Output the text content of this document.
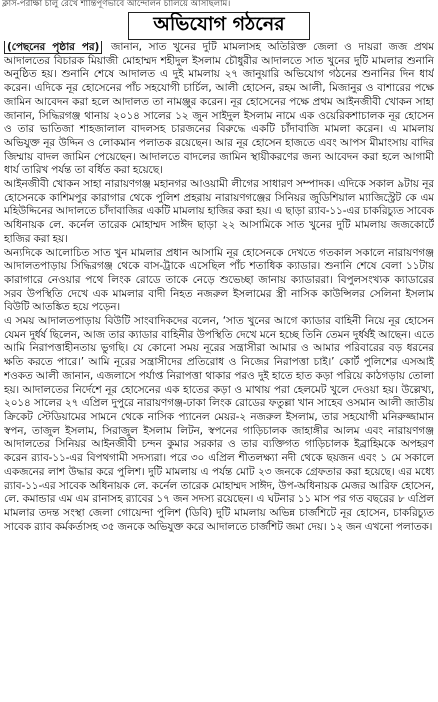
ক্লাস-পরীক্ষা চালু রেখে শান্তিপূর্ণভাবে আন্দোলন চালিয়ে আসছিলাম।
অভিযোগ গঠনের

(পেছনের পৃষ্ঠার পর) জানান, সাত খুনের দুটি মামলাসহ অতিরিক্ত জেলা ও দায়রা জজ প্রথম আদালতের বিচারক মিয়াজী মোহাম্মদ শহীদুল ইসলাম চৌধুরীর আদালতে সাত খুনের দুটি মামলার শুনানি অনুষ্ঠিত হয়। শুনানি শেষে আদালত এ দুই মামলায় ২৭ জানুয়ারি অভিযোগ গঠনের শুনানির দিন ধার্য করেন। এদিকে নূর হোসেনের পাঁচ সহযোগী চার্চিল, আলী হোসেন, রহম আলী, মিজানুর ও বাশারের পক্ষে জামিন আবেদন করা হলে আদালত তা নামঞ্জুর করেন। নূর হোসেনের পক্ষে প্রথম আইনজীবী খোকন সাহা জানান, সিদ্ধিরগঞ্জ থানায় ২০১৪ সালের ১২ জুন সাইদুল ইসলাম নামে এক ওয়েরিকশাচালক নূর হোসেন ও তার ভাতিজা শাহজালাল বাদলসহ চারজনের বিরুদ্ধে একটি চাঁদাবাজি মামলা করেন। এ মামলায় অভিযুক্ত নূর উদ্দিন ও লোকমান পলাতক রয়েছেন। আর নূর হোসেন হাজতে এবং আপস মীমাংসায় বাদির জিম্মায় বাদল জামিন পেয়েছেন। আদালতে বাদলের জামিন স্থায়ীকরণের জন্য আবেদন করা হলে আগামী ধার্য তারিখ পর্যন্ত তা বর্ধিত করা হয়েছে।

আইনজীবী খোকন সাহা নারায়ণগঞ্জ মহানগর আওয়ামী লীগের সাধারণ সম্পাদক। এদিকে সকাল ৯টায় নূর হোসেনকে কাশিমপুর কারাগার থেকে পুলিশ প্রহরায় নারায়ণগঞ্জের সিনিয়র জুডিশিয়াল ম্যাজিস্ট্রেট কে এম মহিউদ্দিনের আদালতে চাঁদাবাজির একটি মামলায় হাজির করা হয়। এ ছাড়া র‌্যাব-১১-এর চাকরিচ্যুত সাবেক অধিনায়ক লে. কর্নেল তারেক মোহাম্মদ সাঈদ ছাড়া ২২ আসামিকে সাত খুনের দুটি মামলায় জজকোর্টে হাজির করা হয়।

অন্যদিকে আলোচিত সাত খুন মামলার প্রধান আসামি নূর হোসেনকে দেখতে গতকাল সকালে নারায়ণগঞ্জ আদালতপাড়ায় সিদ্ধিরগঞ্জ থেকে বাস-ট্রাকে এসেছিল পাঁচ শতাধিক ক্যাডার। শুনানি শেষে বেলা ১১টায় কারাগারে নেওয়ার পথে লিংক রোডে তাকে নেড়ে শুভেচ্ছা জানায় ক্যাডাররা। বিপুলসংখ্যক ক্যাডারের সরব উপস্থিতি দেখে এক মামলার বাদী নিহত নজরুল ইসলামের স্ত্রী নাসিক কাউন্সিলর সেলিনা ইসলাম বিউটি আতঙ্কিত হয়ে পড়েন।

এ সময় আদালতপাড়ায় বিউটি সাংবাদিকদের বলেন, ‘সাত খুনের আগে ক্যাডার বাহিনী নিয়ে নূর হোসেন যেমন দুর্ধর্ষ ছিলেন, আজ তার ক্যাডার বাহিনীর উপস্থিতি দেখে মনে হচ্ছে তিনি তেমন দুর্ধর্ষই আছেন। এতে আমি নিরাপত্তাহীনতায় ভুগছি। যে কোনো সময় নূরের সন্ত্রাসীরা আমার ও আমার পরিবারের বড় ধরনের ক্ষতি করতে পারে।’ আমি নূরের সন্ত্রাসীদের প্রতিরোধ ও নিজের নিরাপত্তা চাই।’ কোর্ট পুলিশের এসআই শওকত আলী জানান, এজলাসে পর্যাপ্ত নিরাপত্তা থাকার পরও দুই হাতে হাত কড়া পরিয়ে কাঠগড়ায় তোলা হয়। আদালতের নির্দেশে নূর হোসেনের এক হাতের কড়া ও মাথায় পরা হেলমেট খুলে দেওয়া হয়। উল্লেখ্য, ২০১৪ সালের ২৭ এপ্রিল দুপুরে নারায়ণগঞ্জ-ঢাকা লিংক রোডের ফতুল্লা খান সাহেব ওসমান আলী জাতীয় ক্রিকেট স্টেডিয়ামের সামনে থেকে নাসিক প্যানেল মেয়র-২ নজরুল ইসলাম, তার সহযোগী মনিরুজ্জামান স্বপন, তাজুল ইসলাম, সিরাজুল ইসলাম লিটন, স্বপনের গাড়িচালক জাহাঙ্গীর আলম এবং নারায়ণগঞ্জ আদালতের সিনিয়র আইনজীবী চন্দন কুমার সরকার ও তার ব্যক্তিগত গাড়িচালক ইব্রাহিমকে অপহরণ করেন র‌্যাব-১১-এর বিপথগামী সদস্যরা। পরে ৩০ এপ্রিল শীতলক্ষ্যা নদী থেকে ছয়জন এবং ১ মে সকালে একজনের লাশ উদ্ধার করে পুলিশ। দুটি মামলায় এ পর্যন্ত মোট ২৩ জনকে গ্রেফতার করা হয়েছে। এর মধ্যে র‌্যাব-১১-এর সাবেক অধিনায়ক লে. কর্নেল তারেক মোহাম্মদ সাঈদ, উপ-অধিনায়ক মেজর আরিফ হোসেন, লে. কমান্ডার এম এম রানাসহ র‌্যাবের ১৭ জন সদস্য রয়েছেন। এ ঘটনার ১১ মাস পর গত বছরের ৮ এপ্রিল মামলার তদন্ত সংস্থা জেলা গোয়েন্দা পুলিশ (ডিবি) দুটি মামলায় অভিন্ন চার্জশিটে নূর হোসেন, চাকরিচ্যুত সাবেক র‌্যাব কর্মকর্তাসহ ৩৫ জনকে অভিযুক্ত করে আদালতে চার্জশিট জমা দেয়। ১২ জন এখনো পলাতক।
